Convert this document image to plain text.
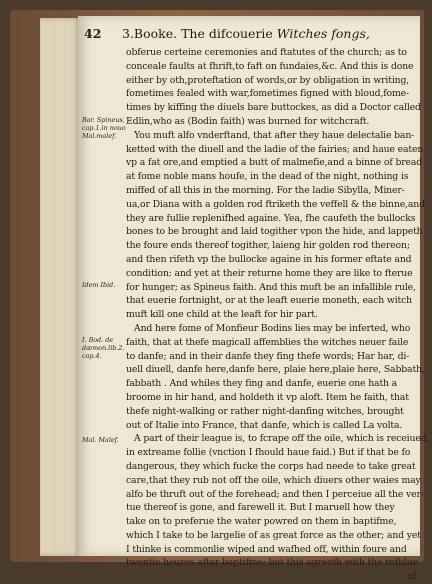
42 3.Booke. The difcouerie Witches fongs,
Bar. Spineus, cap.1.in nouo Mal.malef.
Idem Ibid.
I. Bod. de dæmon.lib.2. cap.4.
Mal. Malef.
obferue certeine ceremonies and ftatutes of the church; as to
conceale faults at fhrift,to faft on fundaies,&c. And this is done
either by oth,proteftation of words,or by obligation in writing,
fometimes fealed with war,fometimes figned with bloud,fome-
times by kiffing the diuels bare buttockes, as did a Doctor called
Edlin,who as (Bodin faith) was burned for witchcraft.
You muft alfo vnderftand, that after they haue delectalie ban-
ketted with the diuell and the ladie of the fairies; and haue eaten
vp a fat ore,and emptied a butt of malmefie,and a binne of bread
at fome noble mans houfe, in the dead of the night, nothing is
miffed of all this in the morning. For the ladie Sibylla, Miner-
ua,or Diana with a golden rod ftriketh the veffell & the binne,and
they are fullie replenifhed againe. Yea, fhe caufeth the bullocks
bones to be brought and laid togither vpon the hide, and lappeth
the foure ends thereof togither, laieng hir golden rod thereon;
and then rifeth vp the bullocke againe in his former eftate and
condition: and yet at their returne home they are like to fterue
for hunger; as Spineus faith. And this muft be an infallible rule,
that euerie fortnight, or at the leaft euerie moneth, each witch
muft kill one child at the leaft for hir part.
And here fome of Monfieur Bodins lies may be inferted, who
faith, that at thefe magicall affemblies the witches neuer faile
to danfe; and in their danfe they fing thefe words; Har har, di-
uell diuell, danfe here,danfe here, plaie here,plaie here, Sabbath,
fabbath . And whiles they fing and danfe, euerie one hath a
broome in hir hand, and holdeth it vp aloft. Item he faith, that
thefe night-walking or rather night-danfing witches, brought
out of Italie into France, that danfe, which is called La volta.
A part of their league is, to fcrape off the oile, which is receiued
in extreame follie (vnction I fhould haue faid.) But if that be fo
dangerous, they which fucke the corps had neede to take great
care,that they rub not off the oile, which diuers other waies may
alfo be thruft out of the forehead; and then I perceiue all the ver-
tue thereof is gone, and farewell it. But I maruell how they
take on to preferue the water powred on them in baptifme,
which I take to be largelie of as great force as the other; and yet
I thinke is commonlie wiped and wafhed off, within foure and
twentie houres after baptifme; but this agreeth with the refidue
of
